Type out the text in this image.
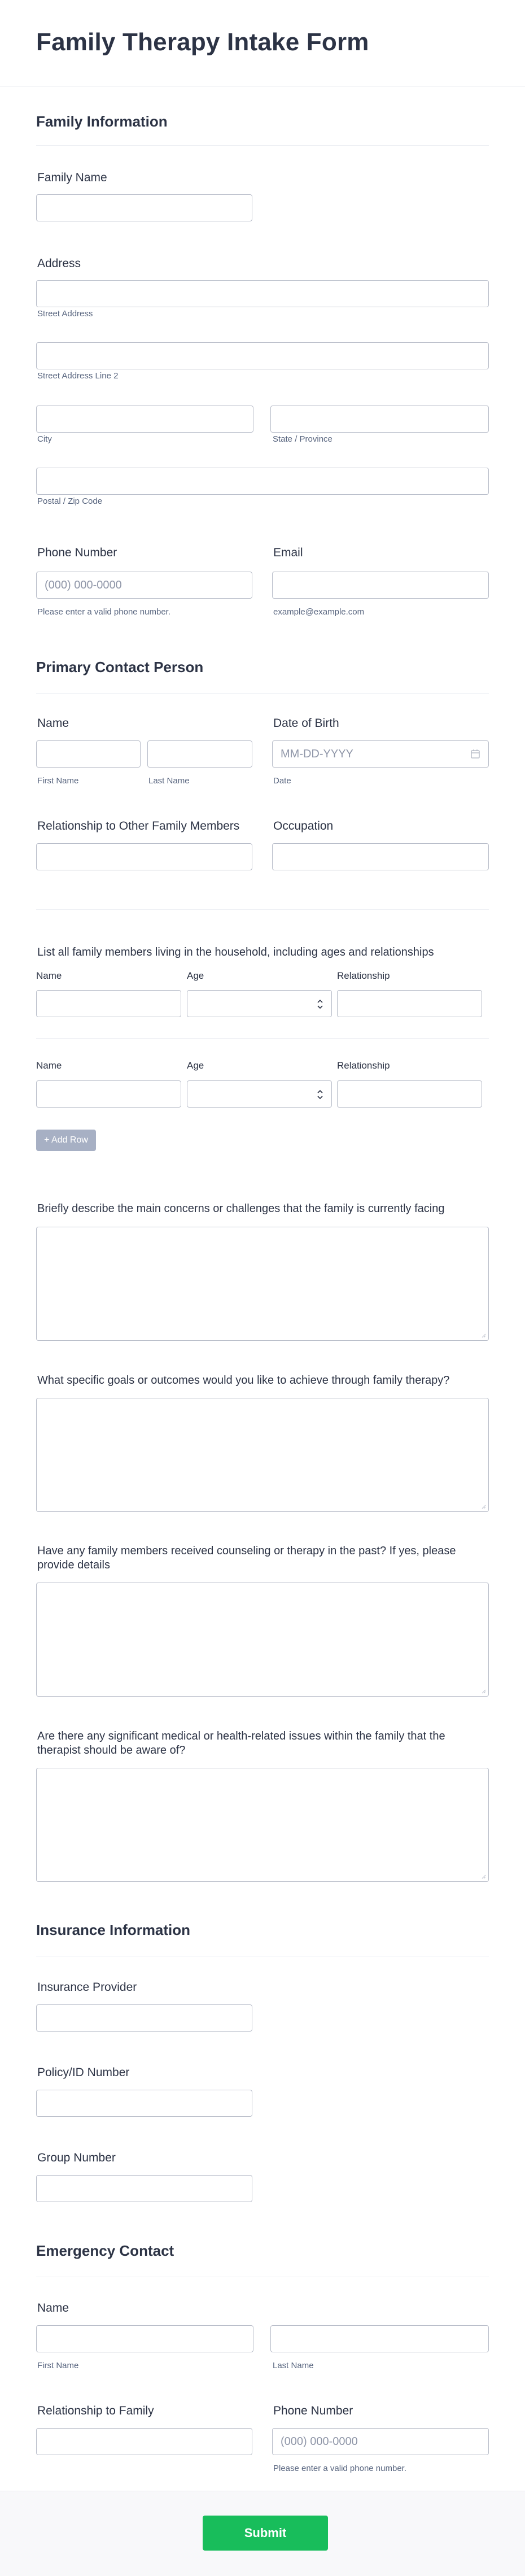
Family Therapy Intake Form
Family Information
Family Name
Address
Street Address
Street Address Line 2
City	State / Province
Postal / Zip Code
Phone Number
(000) 000-0000
Please enter a valid phone number.
Email
example@example.com
Primary Contact Person
Name
First Name	Last Name
Date of Birth
MM-DD-YYYY
Date
Relationship to Other Family Members	Occupation
List all family members living in the household, including ages and relationships
Name	Age	Relationship
Name	Age	Relationship
+ Add Row
Briefly describe the main concerns or challenges that the family is currently facing
What specific goals or outcomes would you like to achieve through family therapy?
Have any family members received counseling or therapy in the past? If yes, please provide details
Are there any significant medical or health-related issues within the family that the therapist should be aware of?
Insurance Information
Insurance Provider
Policy/ID Number
Group Number
Emergency Contact
Name
First Name	Last Name
Relationship to Family	Phone Number
(000) 000-0000
Please enter a valid phone number.
Submit
